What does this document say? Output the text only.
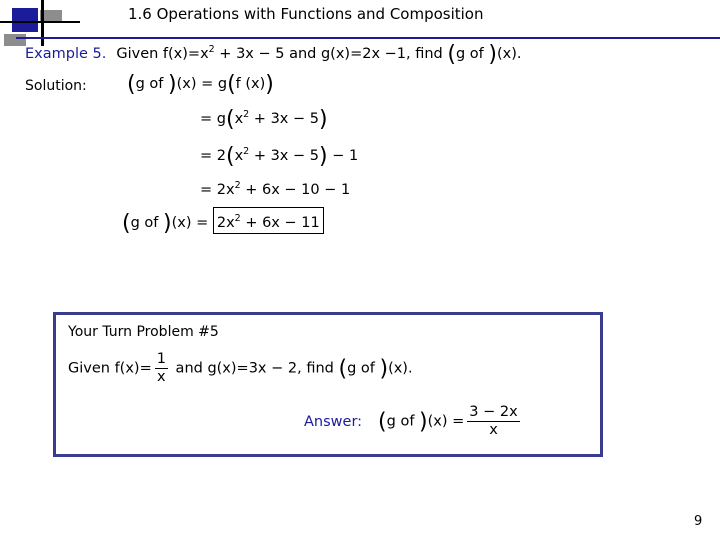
1.6 Operations with Functions and Composition
Example 5. Given $f(x)=x^2 + 3x - 5$ and g(x)=2x −1, find (g of )(x).
Solution: (g of )(x) = g(f (x))
= $g(x^2 + 3x - 5)$
= $2(x^2 + 3x - 5) - 1$
= $2x^2 + 6x - 10 - 1$
(g of )$(x) = 2x^2 + 6x - 11$
Your Turn Problem #5
Given $f(x)= \frac{1}{x}$ and g(x)=3x − 2, find (g of )(x).
Answer: (g of )$(x) = \frac{3 - 2x}{x}$
9
